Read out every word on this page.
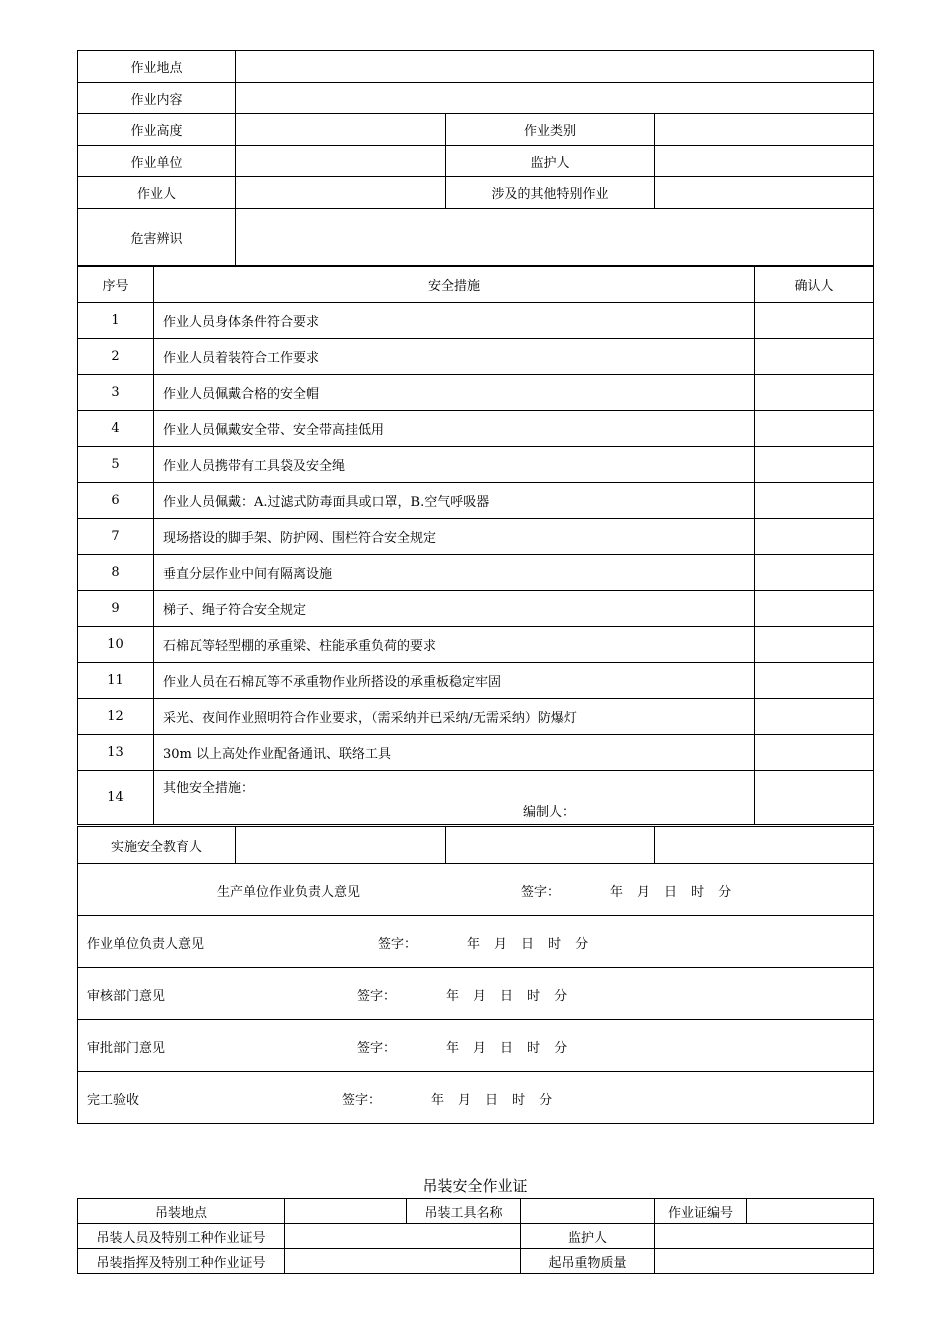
作业地点			
作业内容			
作业高度		作业类别	
作业单位		监护人	
作业人		涉及的其他特别作业	
危害辨识			
序号	安全措施	确认人
1	作业人员身体条件符合要求	
2	作业人员着装符合工作要求	
3	作业人员佩戴合格的安全帽	
4	作业人员佩戴安全带、安全带高挂低用	
5	作业人员携带有工具袋及安全绳	
6	作业人员佩戴：A.过滤式防毒面具或口罩，B.空气呼吸器	
7	现场搭设的脚手架、防护网、围栏符合安全规定	
8	垂直分层作业中间有隔离设施	
9	梯子、绳子符合安全规定	
10	石棉瓦等轻型棚的承重梁、柱能承重负荷的要求	
11	作业人员在石棉瓦等不承重物作业所搭设的承重板稳定牢固	
12	采光、夜间作业照明符合作业要求，（需采纳并已采纳/无需采纳）防爆灯	
13	30m 以上高处作业配备通讯、联络工具	
14	其他安全措施：
编制人：	

实施安全教育人			

生产单位作业负责人意见	签字：	年 月 日 时 分

作业单位负责人意见	签字：	年 月 日 时 分

审核部门意见	签字：	年 月 日 时 分

审批部门意见	签字：	年 月 日 时 分

完工验收	签字：	年 月 日 时 分
吊装安全作业证
吊装地点		吊装工具名称		作业证编号	
吊装人员及特别工种作业证号			监护人		
吊装指挥及特别工种作业证号			起吊重物质量		
